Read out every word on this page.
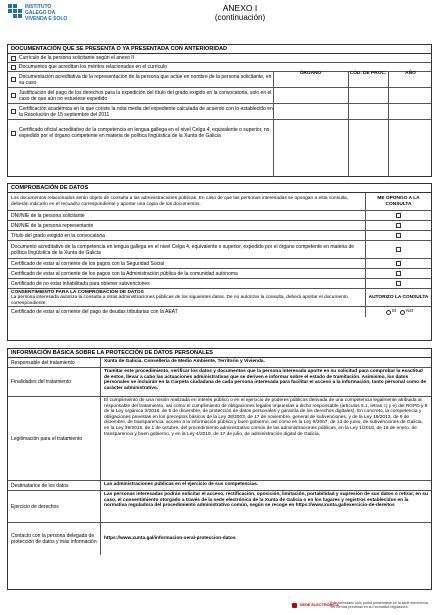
INSTITUTO
GALEGO DA
VIVENDA E SOLO
ANEXO I
(continuación)
DOCUMENTACIÓN QUE SE PRESENTA O YA PRESENTADA CON ANTERIORIDAD
Currículo de la persona solicitante según el anexo II
Documentos que acreditan los méritos relacionados en el currículo
ÓRGANO	CÓD. DE PROC.	AÑO
Documentación acreditativa de la representación de la persona que actúe en nombre de la persona solicitante, en su caso
Justificación del pago de los derechos para la expedición del título del grado exigido en la convocatoria, solo en el caso de que aún no estuviese expedido
Certificación académica en la que conste la nota media del expediente calculada de acuerdo con lo establecido en la Resolución de 15 septiembre del 2011
Certificado oficial acreditativo de la competencia en lengua gallega en el nivel Celga 4, equivalente o superior, no expedido por el órgano competente en materia de política lingüística de la Xunta de Galicia
COMPROBACIÓN DE DATOS
Los documentos relacionados serán objeto de consulta a las administraciones públicas. En caso de que las personas interesadas se opongan a esta consulta, deberán indicarlo en el recuadro correspondiente y aportar una copia de los documentos.
ME OPONGO A LA CONSULTA
DNI/NIE de la persona solicitante
DNI/NIE de la persona representante
Título del grado exigido en la convocatoria
Documento acreditativo de la competencia en lengua gallega en el nivel Celga 4, equivalente o superior, expedido por el órgano competente en materia de política lingüística de la Xunta de Galicia
Certificado de estar al corriente de los pagos con la Seguridad Social
Certificado de estar al corriente de los pagos con la Administración pública de la comunidad autónoma
Certificado de no estar inhabilitada para obtener subvenciones
CONSENTIMIENTO PARA LA COMPROBACIÓN DE DATOS
La persona interesada autoriza la consulta a otras administraciones públicas de los siguientes datos. De no autorizar la consulta, deberá aportar el documento correspondiente.
AUTORIZO LA CONSULTA
Certificado de estar al corriente del pago de deudas tributarias con la AEAT	SÍ NO
INFORMACIÓN BÁSICA SOBRE LA PROTECCIÓN DE DATOS PERSONALES
Responsable del tratamiento	Xunta de Galicia. Consellería de Medio Ambiente, Territorio y Vivienda.
Finalidades del tratamiento
Tramitar este procedimiento, verificar los datos y documentos que la persona interesada aporte en su solicitud para comprobar la exactitud de estos, llevar a cabo las actuaciones administrativas que se deriven e informar sobre el estado de tramitación. Asimismo, los datos personales se incluirán en la Carpeta ciudadana de cada persona interesada para facilitar el acceso a la información, tanto personal como de carácter administrativo.
Legitimación para el tratamiento
El cumplimiento de una misión realizada en interés público o en el ejercicio de poderes públicos derivada de una competencia legalmente atribuida al responsable del tratamiento, así como el cumplimiento de obligaciones legales impuestas a dicho responsable (artículos 6.1, letras c) y e) del RGPD y 8 de la Ley orgánica 3/2018, de 5 de diciembre, de protección de datos personales y garantía de los derechos digitales). En concreto, la competencia y obligaciones previstas en los preceptos básicos de la Ley 38/2003, de 17 de noviembre, general de subvenciones, y de la Ley 19/2013, de 9 de diciembre, de transparencia, acceso a la información pública y buen gobierno, así como en la Ley 9/2007, de 13 de junio, de subvenciones de Galicia, en la Ley 39/2015, de 1 de octubre, del procedimiento administrativo común de las administraciones públicas, en la Ley 1/2016, de 18 de enero, de transparencia y buen gobierno, y en la Ley 4/2019, de 17 de julio, de administración digital de Galicia.
Destinatarios de los datos	Las administraciones públicas en el ejercicio de sus competencias.
Ejercicio de derechos
Las personas interesadas podrán solicitar el acceso, rectificación, oposición, limitación, portabilidad y supresión de sus datos o retirar, en su caso, el consentimiento otorgado a través de la sede electrónica de la Xunta de Galicia o en los lugares y registros establecidos en la normativa reguladora del procedimiento administrativo común, según se recoge en https://www.xunta.gal/exercicio-de-dereitos
Contacto con la persona delegada de protección de datos y más información
https://www.xunta.gal/informacion-xeral-proteccion-datos
SEDE ELECTRÓNICA
Este formulario solo podrá presentarse en la sede electrónica. Ver formas previstas en su normativa reguladora
